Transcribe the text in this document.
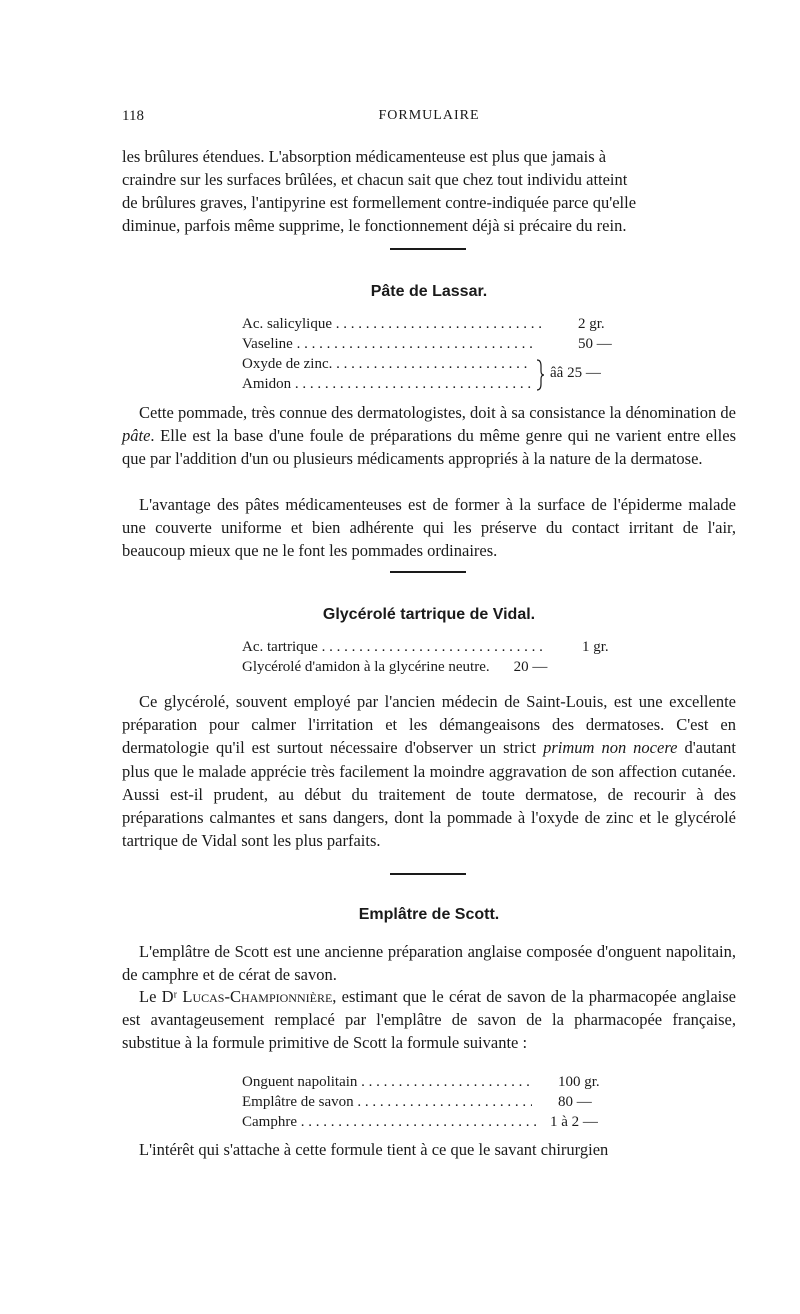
118	FORMULAIRE

les brûlures étendues. L'absorption médicamenteuse est plus que jamais à

craindre sur les surfaces brûlées, et chacun sait que chez tout individu atteint

de brûlures graves, l'antipyrine est formellement contre-indiquée parce qu'elle

diminue, parfois même supprime, le fonctionnement déjà si précaire du rein.

Pâte de Lassar.
Ac. salicylique . . .	2 gr.
Vaseline . . .	50 —
Oxyde de zinc. . . .
Amidon . . .
ââ 25 —

Cette pommade, très connue des dermatologistes, doit à sa consistance la dénomination de pâte. Elle est la base d'une foule de préparations du même genre qui ne varient entre elles que par l'addition d'un ou plusieurs médicaments appropriés à la nature de la dermatose.

L'avantage des pâtes médicamenteuses est de former à la surface de l'épiderme malade une couverte uniforme et bien adhérente qui les préserve du contact irritant de l'air, beaucoup mieux que ne le font les pommades ordinaires.

Glycérolé tartrique de Vidal.
Ac. tartrique . . .	1 gr.
Glycérolé d'amidon à la glycérine neutre.	20 —

Ce glycérolé, souvent employé par l'ancien médecin de Saint-Louis, est une excellente préparation pour calmer l'irritation et les démangeaisons des dermatoses. C'est en dermatologie qu'il est surtout nécessaire d'observer un strict primum non nocere d'autant plus que le malade apprécie très facilement la moindre aggravation de son affection cutanée. Aussi est-il prudent, au début du traitement de toute dermatose, de recourir à des préparations calmantes et sans dangers, dont la pommade à l'oxyde de zinc et le glycérolé tartrique de Vidal sont les plus parfaits.

Emplâtre de Scott.

L'emplâtre de Scott est une ancienne préparation anglaise composée d'onguent napolitain, de camphre et de cérat de savon.

Le Dʳ Lucas-Championnière, estimant que le cérat de savon de la pharmacopée anglaise est avantageusement remplacé par l'emplâtre de savon de la pharmacopée française, substitue à la formule primitive de Scott la formule suivante :

Onguent napolitain . . .	100 gr.
Emplâtre de savon . . .	80 —
Camphre . . .	1 à 2 —

L'intérêt qui s'attache à cette formule tient à ce que le savant chirurgien
